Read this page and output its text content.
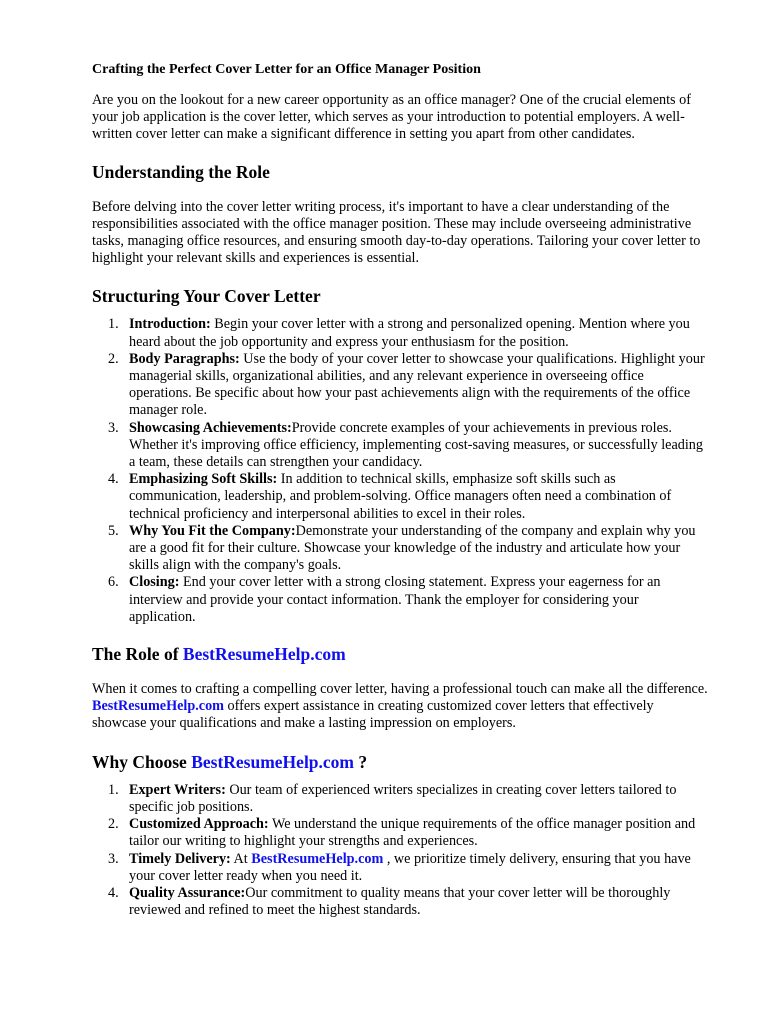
Crafting the Perfect Cover Letter for an Office Manager Position

Are you on the lookout for a new career opportunity as an office manager? One of the crucial elements of your job application is the cover letter, which serves as your introduction to potential employers. A well-written cover letter can make a significant difference in setting you apart from other candidates.

Understanding the Role

Before delving into the cover letter writing process, it's important to have a clear understanding of the responsibilities associated with the office manager position. These may include overseeing administrative tasks, managing office resources, and ensuring smooth day-to-day operations. Tailoring your cover letter to highlight your relevant skills and experiences is essential.

Structuring Your Cover Letter
1. Introduction: Begin your cover letter with a strong and personalized opening. Mention where you heard about the job opportunity and express your enthusiasm for the position.
2. Body Paragraphs: Use the body of your cover letter to showcase your qualifications. Highlight your managerial skills, organizational abilities, and any relevant experience in overseeing office operations. Be specific about how your past achievements align with the requirements of the office manager role.
3. Showcasing Achievements:Provide concrete examples of your achievements in previous roles. Whether it's improving office efficiency, implementing cost-saving measures, or successfully leading a team, these details can strengthen your candidacy.
4. Emphasizing Soft Skills: In addition to technical skills, emphasize soft skills such as communication, leadership, and problem-solving. Office managers often need a combination of technical proficiency and interpersonal abilities to excel in their roles.
5. Why You Fit the Company:Demonstrate your understanding of the company and explain why you are a good fit for their culture. Showcase your knowledge of the industry and articulate how your skills align with the company's goals.
6. Closing: End your cover letter with a strong closing statement. Express your eagerness for an interview and provide your contact information. Thank the employer for considering your application.
The Role of BestResumeHelp.com

When it comes to crafting a compelling cover letter, having a professional touch can make all the difference. BestResumeHelp.com offers expert assistance in creating customized cover letters that effectively showcase your qualifications and make a lasting impression on employers.

Why Choose BestResumeHelp.com ?
1. Expert Writers: Our team of experienced writers specializes in creating cover letters tailored to specific job positions.
2. Customized Approach: We understand the unique requirements of the office manager position and tailor our writing to highlight your strengths and experiences.
3. Timely Delivery: At BestResumeHelp.com , we prioritize timely delivery, ensuring that you have your cover letter ready when you need it.
4. Quality Assurance:Our commitment to quality means that your cover letter will be thoroughly reviewed and refined to meet the highest standards.
